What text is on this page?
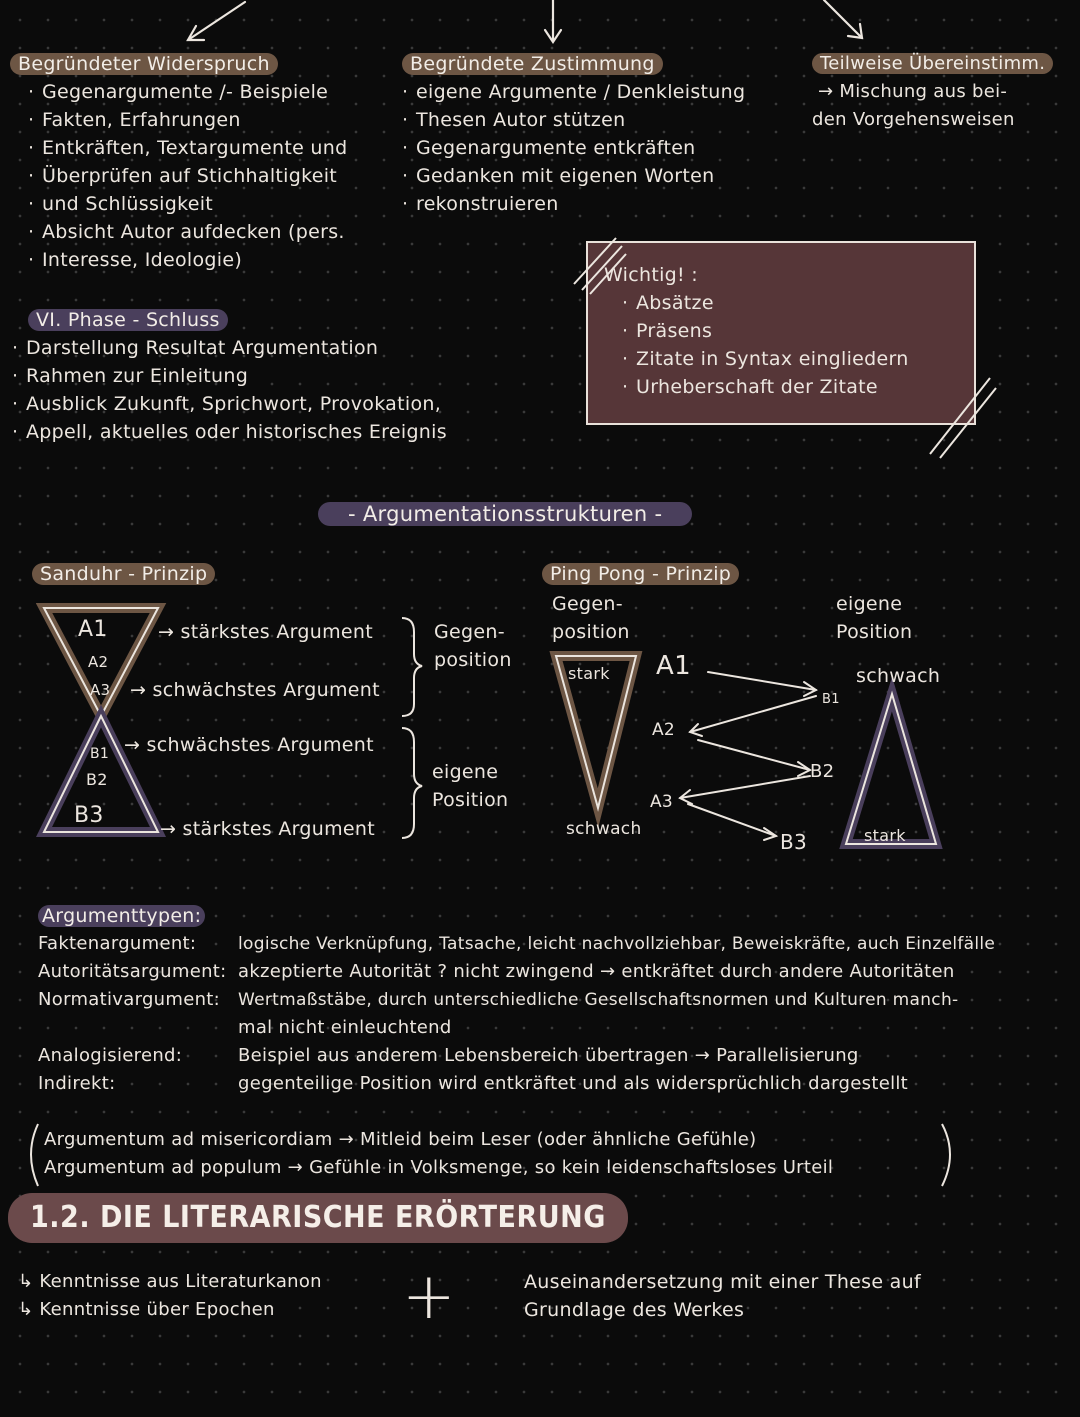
Begründeter Widerspruch
· Gegenargumente /- Beispiele
· Fakten, Erfahrungen
· Entkräften, Textargumente und
· Überprüfen auf Stichhaltigkeit
· und Schlüssigkeit
· Absicht Autor aufdecken (pers.
· Interesse, Ideologie)
Begründete Zustimmung
· eigene Argumente / Denkleistung
· Thesen Autor stützen
· Gegenargumente entkräften
· Gedanken mit eigenen Worten
· rekonstruieren
Teilweise Übereinstimm.
→ Mischung aus bei-
den Vorgehensweisen
VI. Phase - Schluss
· Darstellung Resultat Argumentation
· Rahmen zur Einleitung
· Ausblick Zukunft, Sprichwort, Provokation,
· Appell, aktuelles oder historisches Ereignis
Wichtig! :
· Absätze
· Präsens
· Zitate in Syntax eingliedern
· Urheberschaft der Zitate
- Argumentationsstrukturen -
Sanduhr - Prinzip
A1
A2
A3
B1
B2
B3
→ stärkstes Argument
→ schwächstes Argument
→ schwächstes Argument
→ stärkstes Argument
Gegen-
position
eigene
Position
Ping Pong - Prinzip
Gegen-
position
eigene
Position
stark
schwach
schwach
stark
A1
A2
A3
B1
B2
B3
Argumenttypen:
Faktenargument:	logische Verknüpfung, Tatsache, leicht nachvollziehbar, Beweiskräfte, auch Einzelfälle
Autoritätsargument:	akzeptierte Autorität ? nicht zwingend → entkräftet durch andere Autoritäten
Normativargument:	Wertmaßstäbe, durch unterschiedliche Gesellschaftsnormen und Kulturen manch-
	mal nicht einleuchtend
Analogisierend:	Beispiel aus anderem Lebensbereich übertragen → Parallelisierung
Indirekt:	gegenteilige Position wird entkräftet und als widersprüchlich dargestellt
Argumentum ad misericordiam → Mitleid beim Leser (oder ähnliche Gefühle)
Argumentum ad populum → Gefühle in Volksmenge, so kein leidenschaftsloses Urteil
1.2. DIE LITERARISCHE ERÖRTERUNG
↳ Kenntnisse aus Literaturkanon
↳ Kenntnisse über Epochen	+	Auseinandersetzung mit einer These auf
Grundlage des Werkes
